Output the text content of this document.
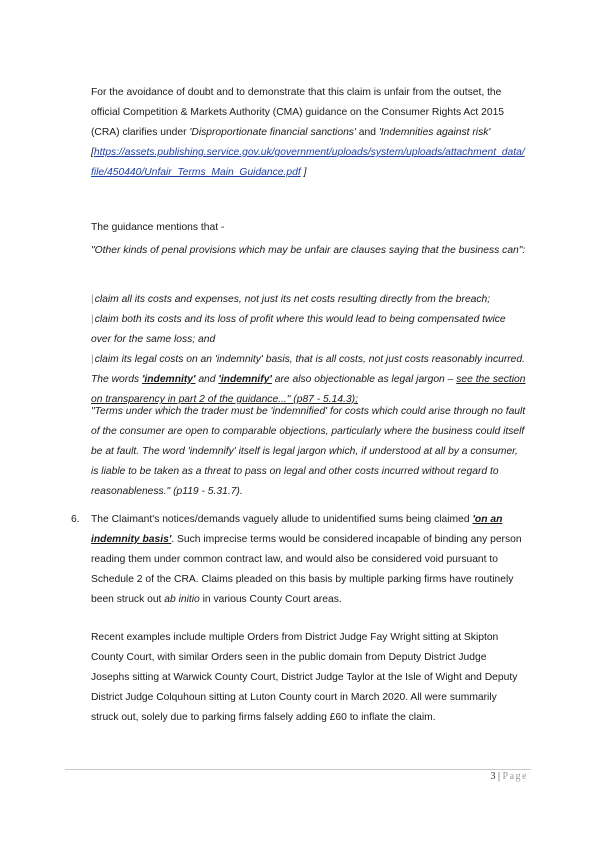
For the avoidance of doubt and to demonstrate that this claim is unfair from the outset, the official Competition & Markets Authority (CMA) guidance on the Consumer Rights Act 2015 (CRA) clarifies under 'Disproportionate financial sanctions' and 'Indemnities against risk'
[https://assets.publishing.service.gov.uk/government/uploads/system/uploads/attachment_data/file/450440/Unfair_Terms_Main_Guidance.pdf ]
The guidance mentions that -
"Other kinds of penal provisions which may be unfair are clauses saying that the business can":
|claim all its costs and expenses, not just its net costs resulting directly from the breach;
|claim both its costs and its loss of profit where this would lead to being compensated twice over for the same loss; and
|claim its legal costs on an 'indemnity' basis, that is all costs, not just costs reasonably incurred. The words 'indemnity' and 'indemnify' are also objectionable as legal jargon – see the section on transparency in part 2 of the guidance..." (p87 - 5.14.3);
"Terms under which the trader must be 'indemnified' for costs which could arise through no fault of the consumer are open to comparable objections, particularly where the business could itself be at fault. The word 'indemnify' itself is legal jargon which, if understood at all by a consumer, is liable to be taken as a threat to pass on legal and other costs incurred without regard to reasonableness." (p119 - 5.31.7).
6. The Claimant's notices/demands vaguely allude to unidentified sums being claimed 'on an indemnity basis'. Such imprecise terms would be considered incapable of binding any person reading them under common contract law, and would also be considered void pursuant to Schedule 2 of the CRA. Claims pleaded on this basis by multiple parking firms have routinely been struck out ab initio in various County Court areas.
Recent examples include multiple Orders from District Judge Fay Wright sitting at Skipton County Court, with similar Orders seen in the public domain from Deputy District Judge Josephs sitting at Warwick County Court, District Judge Taylor at the Isle of Wight and Deputy District Judge Colquhoun sitting at Luton County court in March 2020. All were summarily struck out, solely due to parking firms falsely adding £60 to inflate the claim.
3 | Page
